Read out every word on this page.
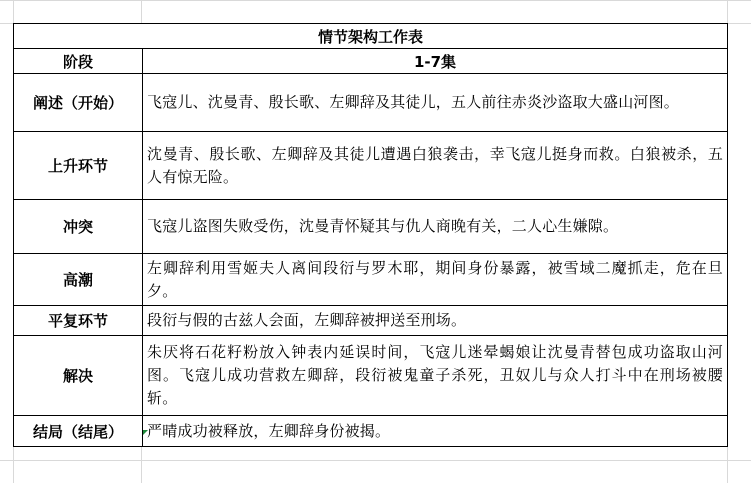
情节架构工作表	
阶段	1-7集
阐述（开始）	飞寇儿、沈曼青、殷长歌、左卿辞及其徒儿，五人前往赤炎沙盗取大盛山河图。
上升环节	沈曼青、殷长歌、左卿辞及其徒儿遭遇白狼袭击，幸飞寇儿挺身而救。白狼被杀，五人有惊无险。
冲突	飞寇儿盗图失败受伤，沈曼青怀疑其与仇人商晚有关，二人心生嫌隙。
高潮	左卿辞利用雪姬夫人离间段衍与罗木耶，期间身份暴露，被雪域二魔抓走，危在旦夕。
平复环节	段衍与假的古兹人会面，左卿辞被押送至刑场。
解决	朱厌将石花籽粉放入钟表内延误时间，飞寇儿迷晕蝎娘让沈曼青替包成功盗取山河图。飞寇儿成功营救左卿辞，段衍被鬼童子杀死，丑奴儿与众人打斗中在刑场被腰斩。
结局（结尾）	严晴成功被释放，左卿辞身份被揭。
